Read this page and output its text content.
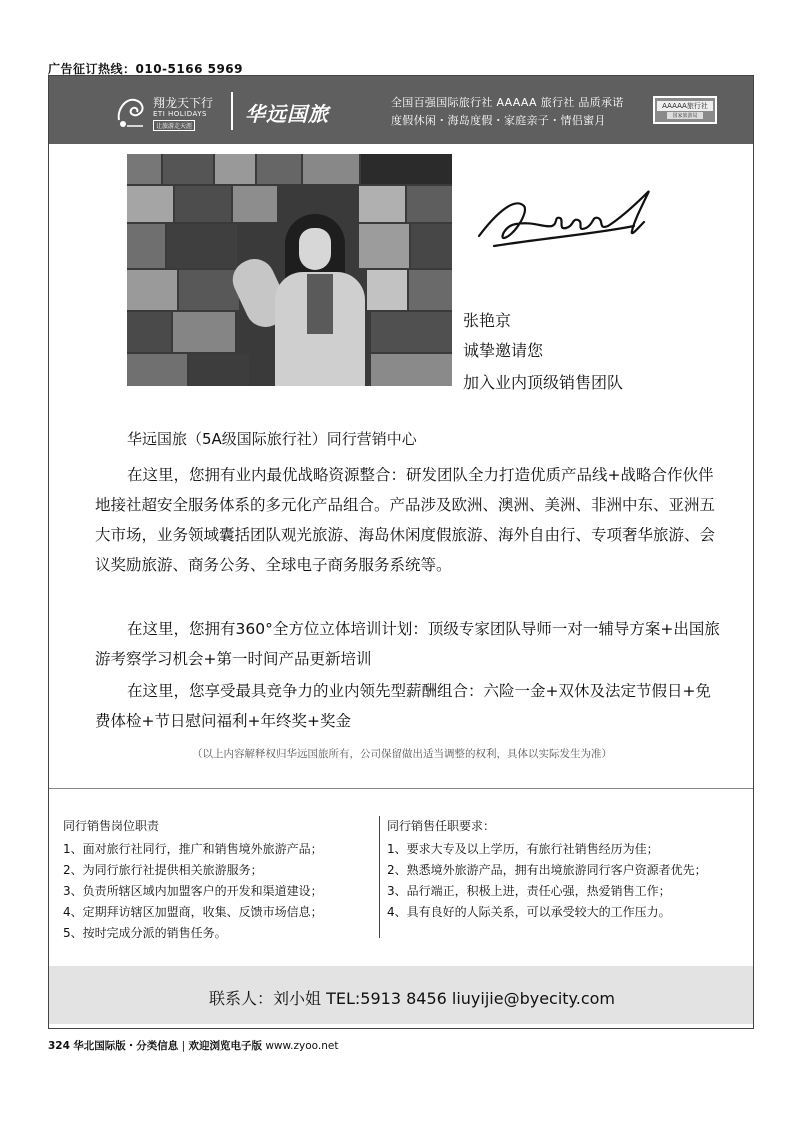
广告征订热线：010-5166 5969
翔龙天下行
ETI HOLIDAYS
让旅游走天涯
华远国旅	全国百强国际旅行社 AAAAA 旅行社 品质承诺
度假休闲・海岛度假・家庭亲子・情侣蜜月
AAAAA旅行社
国家旅游局
张艳京
诚挚邀请您
加入业内顶级销售团队
华远国旅（5A级国际旅行社）同行营销中心
在这里，您拥有业内最优战略资源整合：研发团队全力打造优质产品线+战略合作伙伴地接社超安全服务体系的多元化产品组合。产品涉及欧洲、澳洲、美洲、非洲中东、亚洲五大市场，业务领域囊括团队观光旅游、海岛休闲度假旅游、海外自由行、专项奢华旅游、会议奖励旅游、商务公务、全球电子商务服务系统等。
在这里，您拥有360°全方位立体培训计划：顶级专家团队导师一对一辅导方案+出国旅游考察学习机会+第一时间产品更新培训
在这里，您享受最具竞争力的业内领先型薪酬组合：六险一金+双休及法定节假日+免费体检+节日慰问福利+年终奖+奖金
（以上内容解释权归华远国旅所有，公司保留做出适当调整的权利，具体以实际发生为准）
同行销售岗位职责
1、面对旅行社同行，推广和销售境外旅游产品；
2、为同行旅行社提供相关旅游服务；
3、负责所辖区域内加盟客户的开发和渠道建设；
4、定期拜访辖区加盟商，收集、反馈市场信息；
5、按时完成分派的销售任务。
同行销售任职要求：
1、要求大专及以上学历，有旅行社销售经历为佳；
2、熟悉境外旅游产品，拥有出境旅游同行客户资源者优先；
3、品行端正，积极上进，责任心强，热爱销售工作；
4、具有良好的人际关系，可以承受较大的工作压力。
联系人：刘小姐 TEL:5913 8456 liuyijie@byecity.com
324 华北国际版・分类信息 | 欢迎浏览电子版 www.zyoo.net
